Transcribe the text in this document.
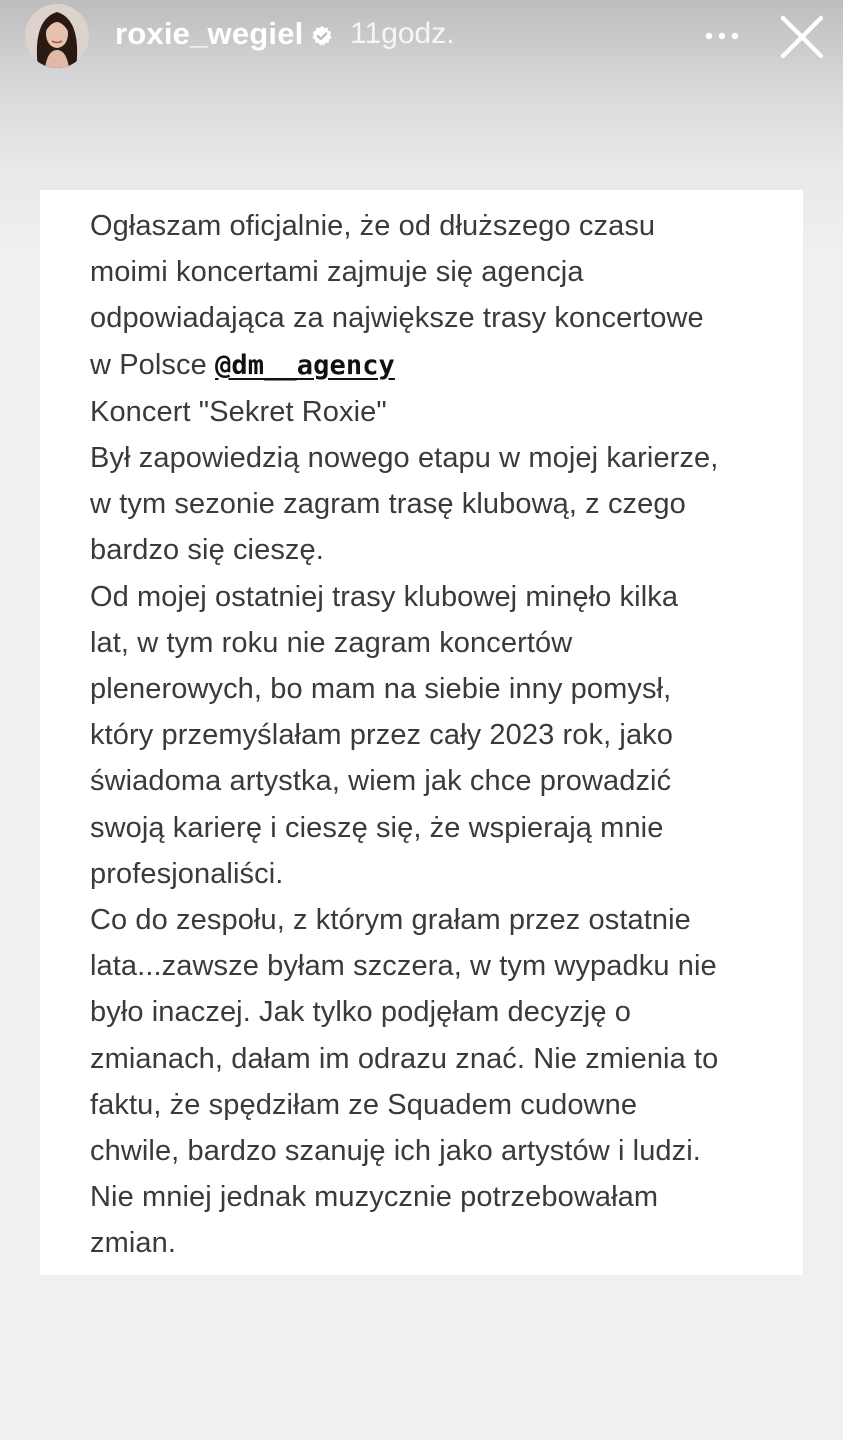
roxie_wegiel 11godz.
Ogłaszam oficjalnie, że od dłuższego czasu
moimi koncertami zajmuje się agencja
odpowiadająca za największe trasy koncertowe
w Polsce @dm__agency
Koncert "Sekret Roxie"
Był zapowiedzią nowego etapu w mojej karierze,
w tym sezonie zagram trasę klubową, z czego
bardzo się cieszę.
Od mojej ostatniej trasy klubowej minęło kilka
lat, w tym roku nie zagram koncertów
plenerowych, bo mam na siebie inny pomysł,
który przemyślałam przez cały 2023 rok, jako
świadoma artystka, wiem jak chce prowadzić
swoją karierę i cieszę się, że wspierają mnie
profesjonaliści.
Co do zespołu, z którym grałam przez ostatnie
lata...zawsze byłam szczera, w tym wypadku nie
było inaczej. Jak tylko podjęłam decyzję o
zmianach, dałam im odrazu znać. Nie zmienia to
faktu, że spędziłam ze Squadem cudowne
chwile, bardzo szanuję ich jako artystów i ludzi.
Nie mniej jednak muzycznie potrzebowałam
zmian.
